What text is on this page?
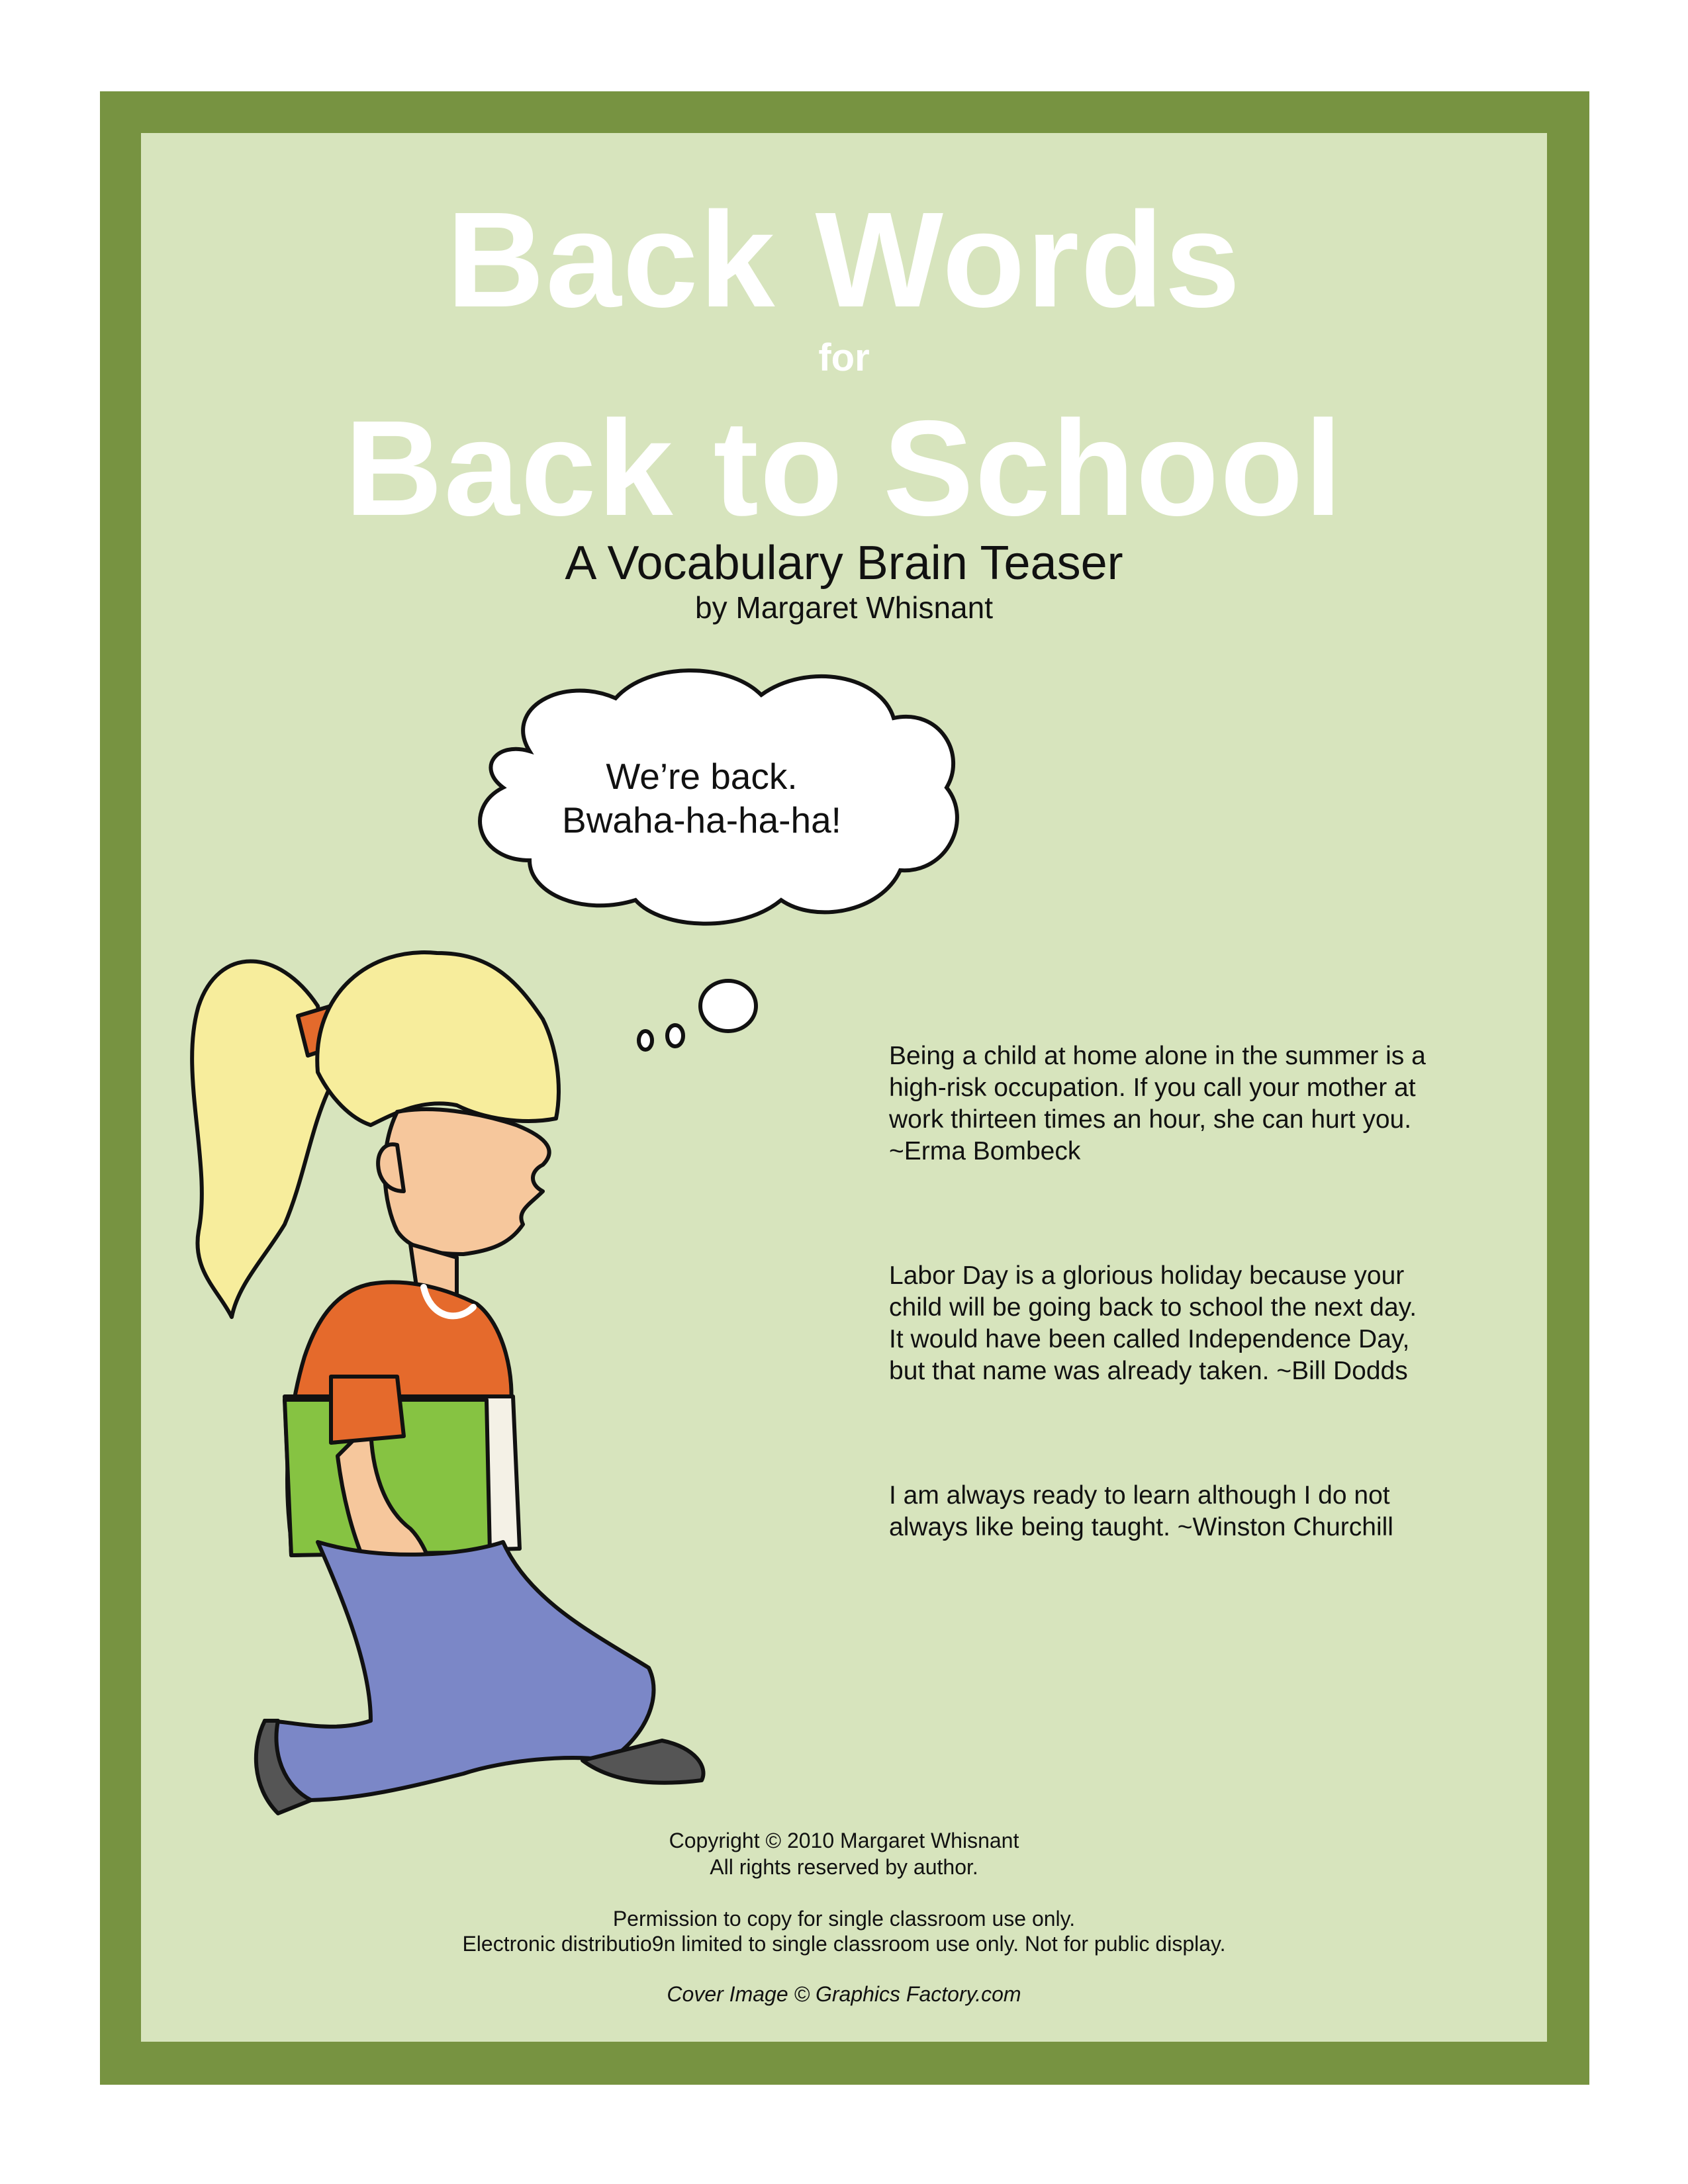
Back Words
for
Back to School
A Vocabulary Brain Teaser
by Margaret Whisnant
We’re back.
Bwaha-ha-ha-ha!
Being a child at home alone in the summer is a
high-risk occupation. If you call your mother at
work thirteen times an hour, she can hurt you.
~Erma Bombeck
Labor Day is a glorious holiday because your
child will be going back to school the next day.
It would have been called Independence Day,
but that name was already taken. ~Bill Dodds
I am always ready to learn although I do not
always like being taught. ~Winston Churchill
Copyright © 2010 Margaret Whisnant
All rights reserved by author.
Permission to copy for single classroom use only.
Electronic distributio9n limited to single classroom use only. Not for public display.
Cover Image © Graphics Factory.com
